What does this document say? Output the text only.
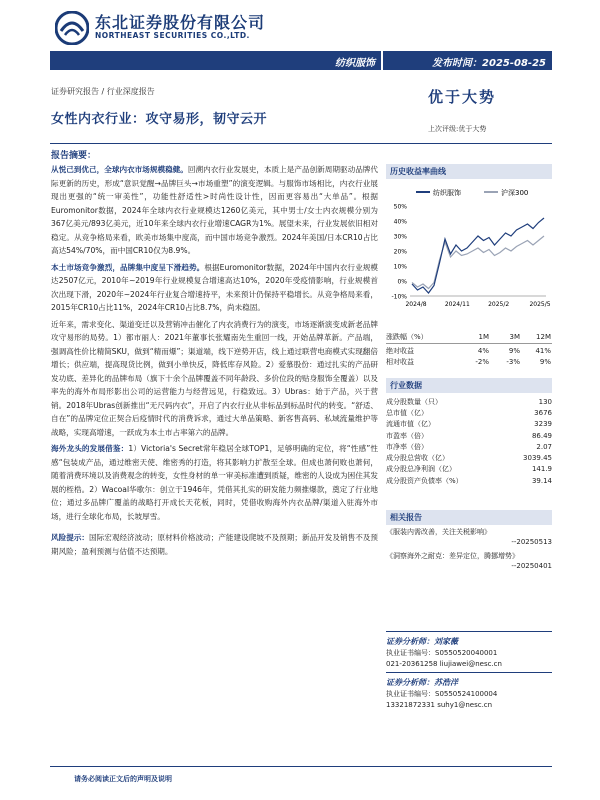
东北证券股份有限公司
NORTHEAST SECURITIES CO.,LTD.
纺织服饰	发布时间：2025-08-25
证券研究报告 / 行业深度报告
女性内衣行业：攻守易形，韧守云开
优于大势
上次评级:优于大势
报告摘要：

从悦己到优己，全球内衣市场规模稳健。回溯内衣行业发展史，本质上是产品创新周期驱动品牌代际更新的历史，形成“意识觉醒→品牌巨头→市场重塑”的演变逻辑。与服饰市场相比，内衣行业展现出更强的“统一审美性”，功能性舒适性>时尚性设计性，因而更容易出“大单品”。根据Euromonitor数据，2024年全球内衣行业规模达1260亿美元，其中男士/女士内衣规模分别为367亿美元/893亿美元，近10年来全球内衣行业增速CAGR为1%。展望未来，行业发展依旧相对稳定。从竞争格局来看，欧美市场集中度高，而中国市场竞争激烈。2024年美国/日本CR10占比高达54%/70%，而中国CR10仅为8.9%。

本土市场竞争激烈，品牌集中度呈下滑趋势。根据Euromonitor数据，2024年中国内衣行业规模达2507亿元，2010年~2019年行业规模复合增速高达10%，2020年受疫情影响，行业规模首次出现下滑，2020年~2024年行业复合增速持平，未来预计仍保持平稳增长。从竞争格局来看，2015年CR10占比11%，2024年CR10占比8.7%，尚未稳固。

近年来，需求变化、渠道变迁以及营销冲击催化了内衣消费行为的演变，市场逐渐演变成新老品牌攻守易形的局势。1）都市丽人：2021年董事长张耀南先生重回一线，开始品牌革新。产品端，强调高性价比精简SKU，做到“精而爆”；渠道端，线下逆势开店，线上通过联营电商模式实现翻倍增长；供应端，提高现货比例，做到小单快反，降低库存风险。2）爱慕股份：通过扎实的产品研发功底、差异化的品牌布局（旗下十余个品牌覆盖不同年龄段、多价位段的贴身服饰全覆盖）以及率先的海外布局形影出公司的运营能力与经营远见，行稳致远。3）Ubras：始于产品，兴于营销。2018年Ubras创新推出“无尺码内衣”，开启了内衣行业从非标品到标品时代的转变。“舒适、自在”的品牌定位正契合后疫情时代的消费诉求，通过大单品策略、新客售高码、私域流量维护等战略，实现高增速，一跃成为本土市占率第六的品牌。

海外龙头的发展借鉴：1）Victoria's Secret常年稳居全球TOP1，足够明确的定位，将“性感”性感“包装成产品，通过维密天使、维密秀的打造，将其影响力扩散至全球。但成也萧何败也萧何，随着消费环境以及消费观念的转变，女性身材的单一审美标准遭到质疑，维密的人设成为困住其发展的桎梏。2）Wacoal华歌尔：创立于1946年，凭借其扎实的研发能力频推爆款，奠定了行业地位；通过多品牌广覆盖的战略打开成长天花板，同时，凭借收购海外内衣品牌/渠道入驻海外市场，进行全球化布局，长坡厚雪。

风险提示：国际宏观经济波动；原材料价格波动；产能建设爬坡不及预期；新品开发及销售不及预期风险；盈利预测与估值不达预期。

历史收益率曲线
纺织服饰	沪深300
50%
40%
30%
20%
10%
0%
-10%
2024/8	2024/11	2025/2	2025/5
涨跌幅（%）	1M	3M	12M
绝对收益	4%	9%	41%
相对收益	-2%	-3%	9%
行业数据
成分股数量（只）	130
总市值（亿）	3676
流通市值（亿）	3239
市盈率（倍）	86.49
市净率（倍）	2.07
成分股总营收（亿）	3039.45
成分股总净利润（亿）	141.9
成分股资产负债率（%）	39.14
相关报告
《服装内需改善，关注关税影响》
--20250513
《洞察海外之耐克：差异定位，腾挪增势》
--20250401
证券分析师：刘家薇
执业证书编号：S0550520040001
021-20361258 liujiawei@nesc.cn
证券分析师：苏浩洋
执业证书编号：S0550524100004
13321872331 suhy1@nesc.cn
请务必阅读正文后的声明及说明
